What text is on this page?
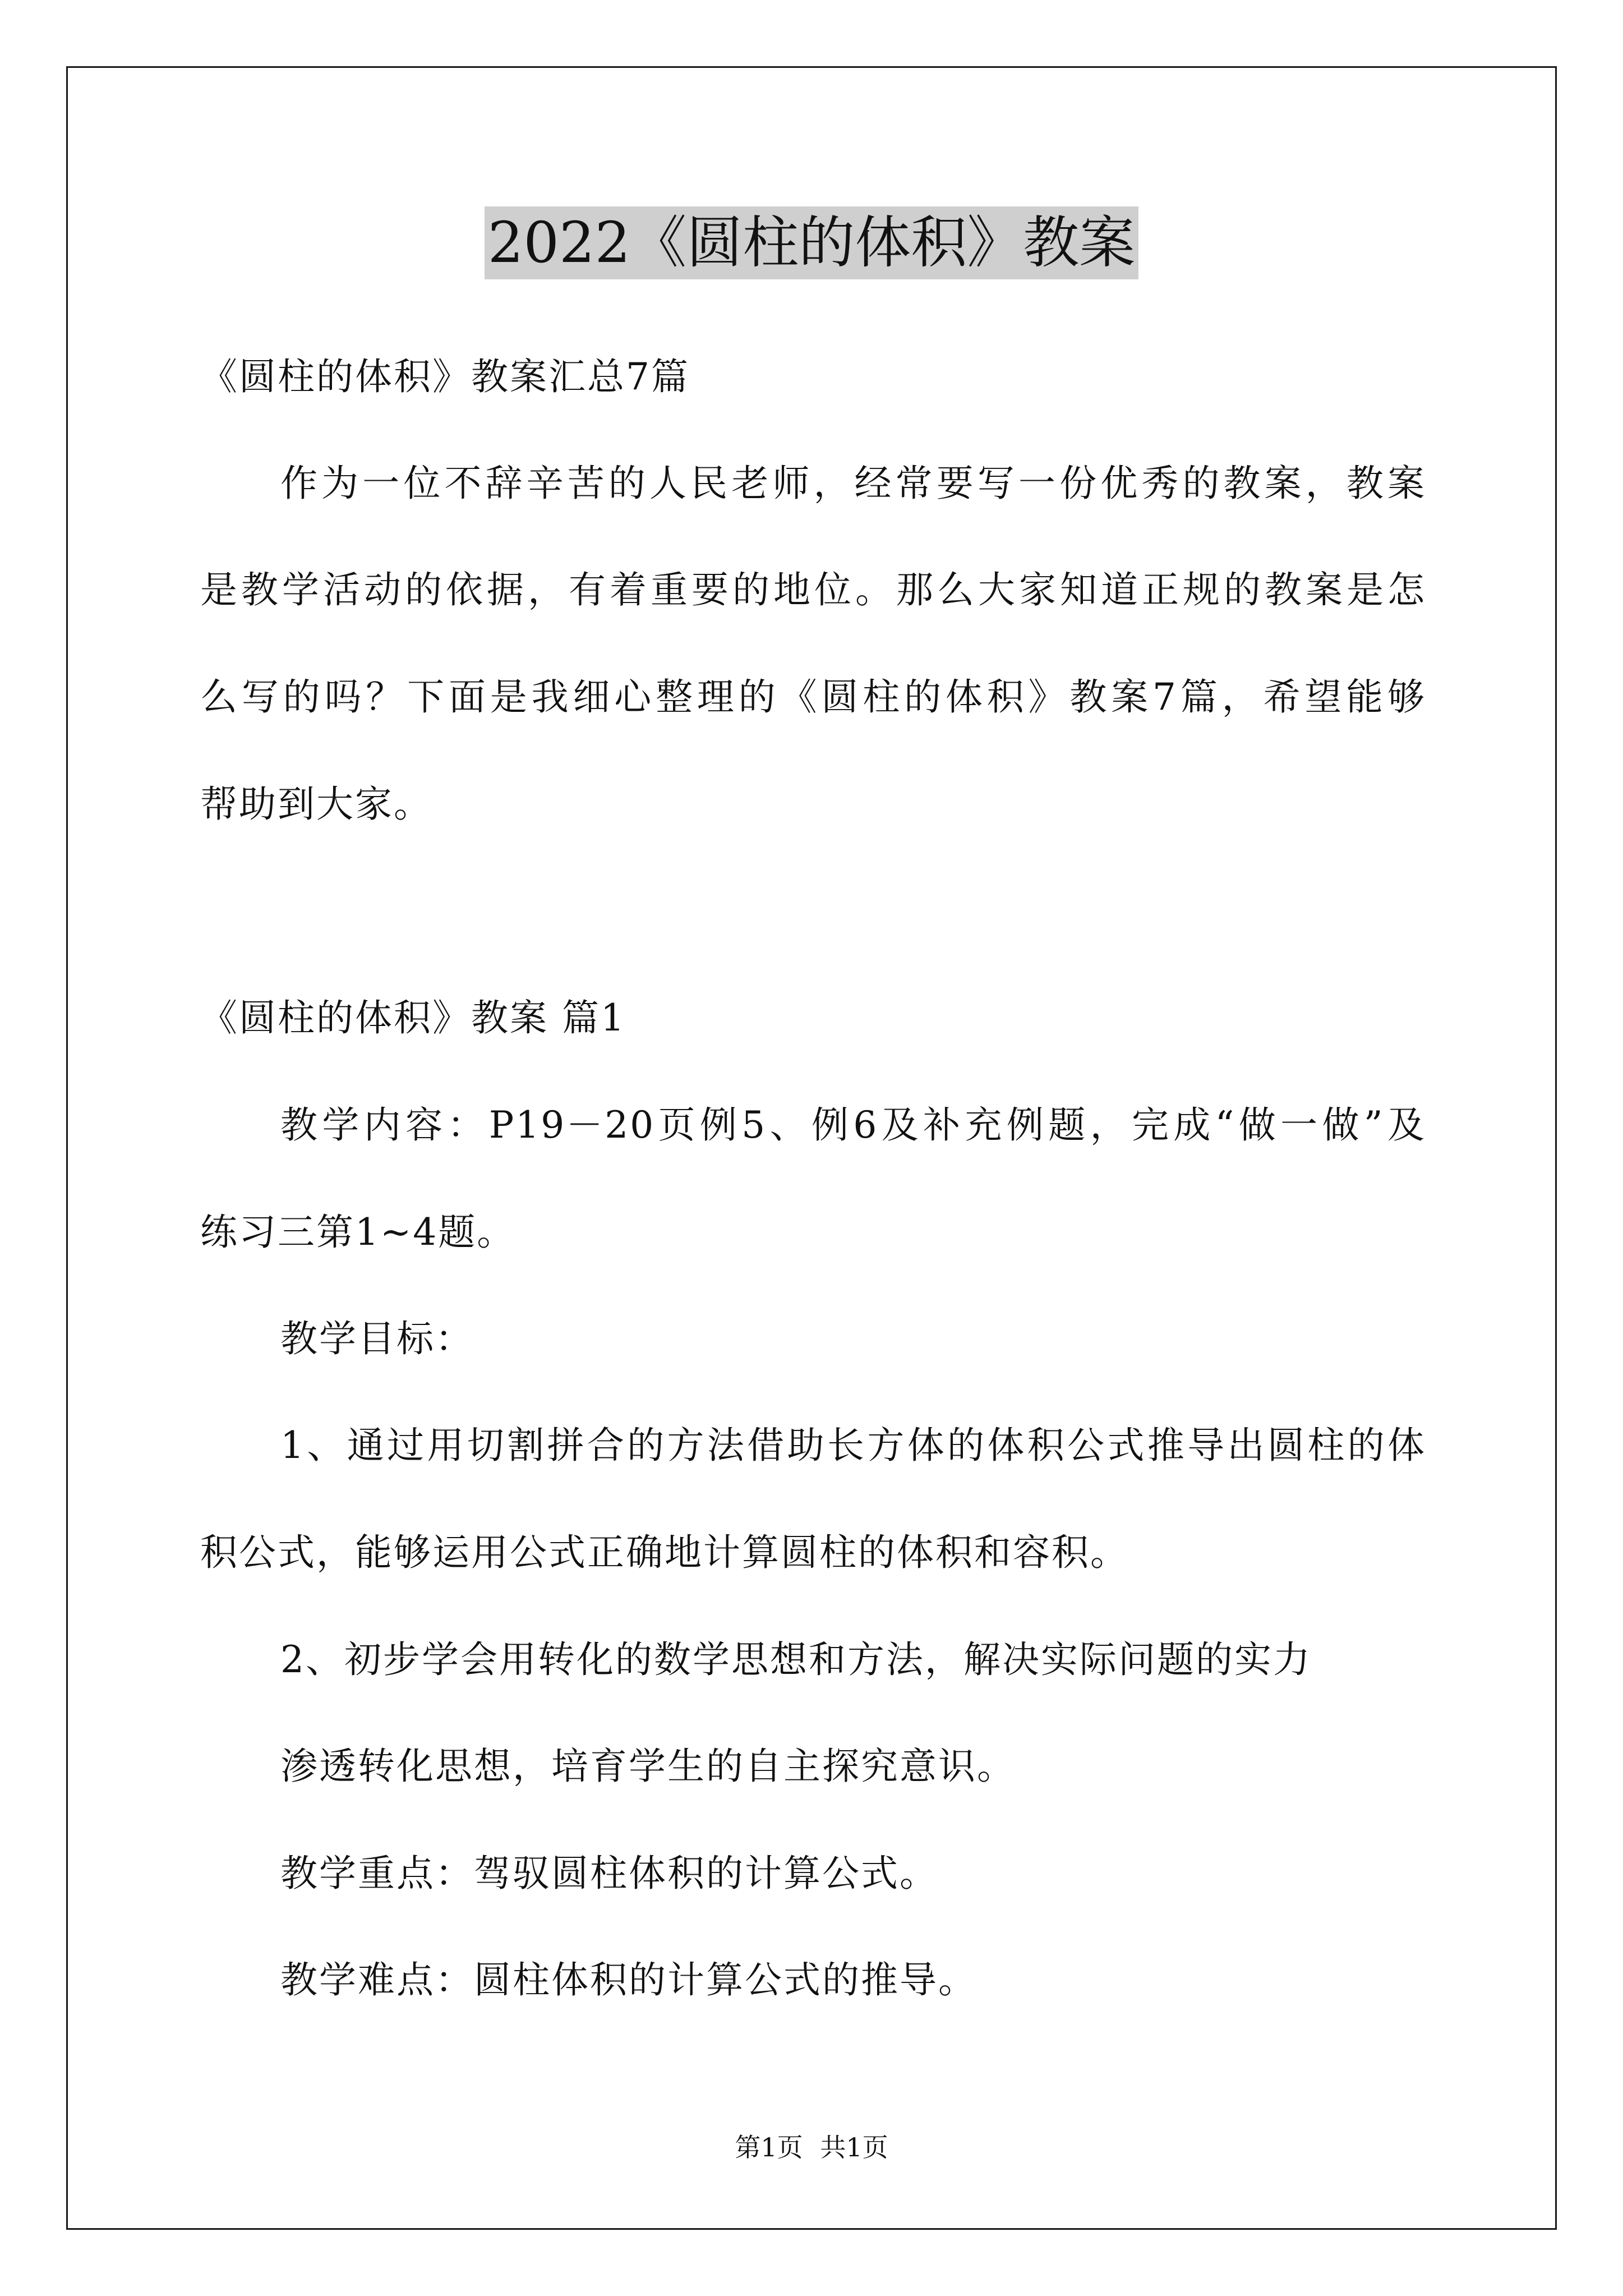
2022《圆柱的体积》教案
《圆柱的体积》教案汇总7篇
作为一位不辞辛苦的人民老师，经常要写一份优秀的教案，教案
是教学活动的依据，有着重要的地位。那么大家知道正规的教案是怎
么写的吗？下面是我细心整理的《圆柱的体积》教案7篇，希望能够
帮助到大家。
《圆柱的体积》教案 篇1
教学内容：P19－20页例5、例6及补充例题，完成“做一做”及
练习三第1~4题。
教学目标：
1、通过用切割拼合的方法借助长方体的体积公式推导出圆柱的体
积公式，能够运用公式正确地计算圆柱的体积和容积。
2、初步学会用转化的数学思想和方法，解决实际问题的实力
渗透转化思想，培育学生的自主探究意识。
教学重点：驾驭圆柱体积的计算公式。
教学难点：圆柱体积的计算公式的推导。
第1页 共1页
